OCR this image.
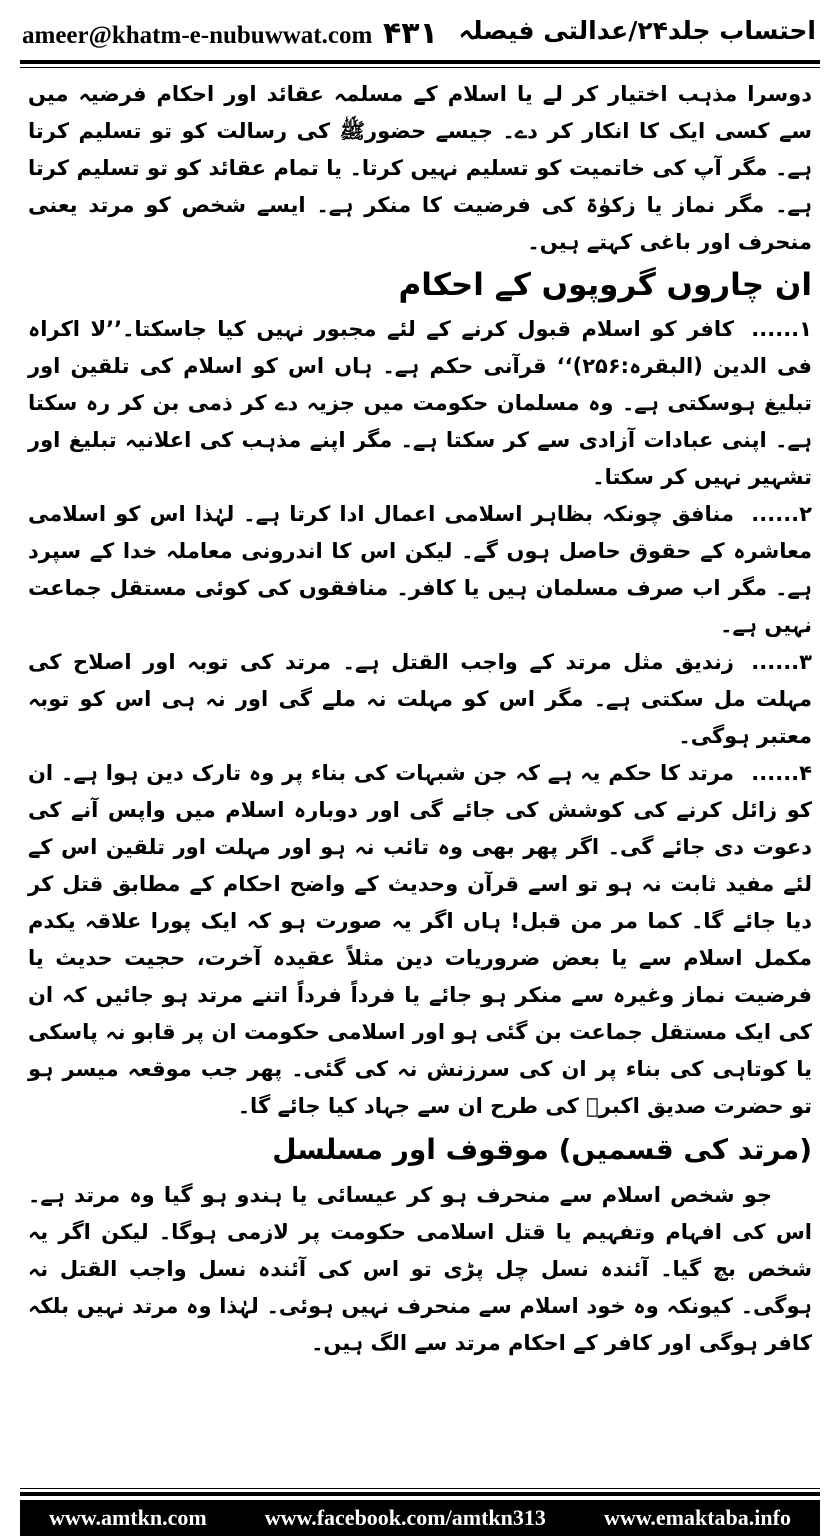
ameer@khatm-e-nubuwwat.com ۴۳۱ احتساب جلد۲۴/عدالتی فیصلہ

دوسرا مذہب اختیار کر لے یا اسلام کے مسلمہ عقائد اور احکام فرضیہ میں سے کسی ایک کا انکار کر دے۔ جیسے حضورﷺ کی رسالت کو تو تسلیم کرتا ہے۔ مگر آپ کی خاتمیت کو تسلیم نہیں کرتا۔ یا تمام عقائد کو تو تسلیم کرتا ہے۔ مگر نماز یا زکوٰۃ کی فرضیت کا منکر ہے۔ ایسے شخص کو مرتد یعنی منحرف اور باغی کہتے ہیں۔

ان چاروں گروپوں کے احکام

۱......کافر کو اسلام قبول کرنے کے لئے مجبور نہیں کیا جاسکتا۔’’لا اکراہ فی الدین (البقرہ:۲۵۶)‘‘ قرآنی حکم ہے۔ ہاں اس کو اسلام کی تلقین اور تبلیغ ہوسکتی ہے۔ وہ مسلمان حکومت میں جزیہ دے کر ذمی بن کر رہ سکتا ہے۔ اپنی عبادات آزادی سے کر سکتا ہے۔ مگر اپنے مذہب کی اعلانیہ تبلیغ اور تشہیر نہیں کر سکتا۔

۲......منافق چونکہ بظاہر اسلامی اعمال ادا کرتا ہے۔ لہٰذا اس کو اسلامی معاشرہ کے حقوق حاصل ہوں گے۔ لیکن اس کا اندرونی معاملہ خدا کے سپرد ہے۔ مگر اب صرف مسلمان ہیں یا کافر۔ منافقوں کی کوئی مستقل جماعت نہیں ہے۔

۳......زندیق مثل مرتد کے واجب القتل ہے۔ مرتد کی توبہ اور اصلاح کی مہلت مل سکتی ہے۔ مگر اس کو مہلت نہ ملے گی اور نہ ہی اس کو توبہ معتبر ہوگی۔

۴......مرتد کا حکم یہ ہے کہ جن شبہات کی بناء پر وہ تارک دین ہوا ہے۔ ان کو زائل کرنے کی کوشش کی جائے گی اور دوبارہ اسلام میں واپس آنے کی دعوت دی جائے گی۔ اگر پھر بھی وہ تائب نہ ہو اور مہلت اور تلقین اس کے لئے مفید ثابت نہ ہو تو اسے قرآن وحدیث کے واضح احکام کے مطابق قتل کر دیا جائے گا۔ کما مر من قبل! ہاں اگر یہ صورت ہو کہ ایک پورا علاقہ یکدم مکمل اسلام سے یا بعض ضروریات دین مثلاً عقیدہ آخرت، حجیت حدیث یا فرضیت نماز وغیرہ سے منکر ہو جائے یا فرداً فرداً اتنے مرتد ہو جائیں کہ ان کی ایک مستقل جماعت بن گئی ہو اور اسلامی حکومت ان پر قابو نہ پاسکی یا کوتاہی کی بناء پر ان کی سرزنش نہ کی گئی۔ پھر جب موقعہ میسر ہو تو حضرت صدیق اکبرؓ کی طرح ان سے جہاد کیا جائے گا۔

(مرتد کی قسمیں) موقوف اور مسلسل

جو شخص اسلام سے منحرف ہو کر عیسائی یا ہندو ہو گیا وہ مرتد ہے۔ اس کی افہام وتفہیم یا قتل اسلامی حکومت پر لازمی ہوگا۔ لیکن اگر یہ شخص بچ گیا۔ آئندہ نسل چل پڑی تو اس کی آئندہ نسل واجب القتل نہ ہوگی۔ کیونکہ وہ خود اسلام سے منحرف نہیں ہوئی۔ لہٰذا وہ مرتد نہیں بلکہ کافر ہوگی اور کافر کے احکام مرتد سے الگ ہیں۔

www.amtkn.com	www.facebook.com/amtkn313	www.emaktaba.info
